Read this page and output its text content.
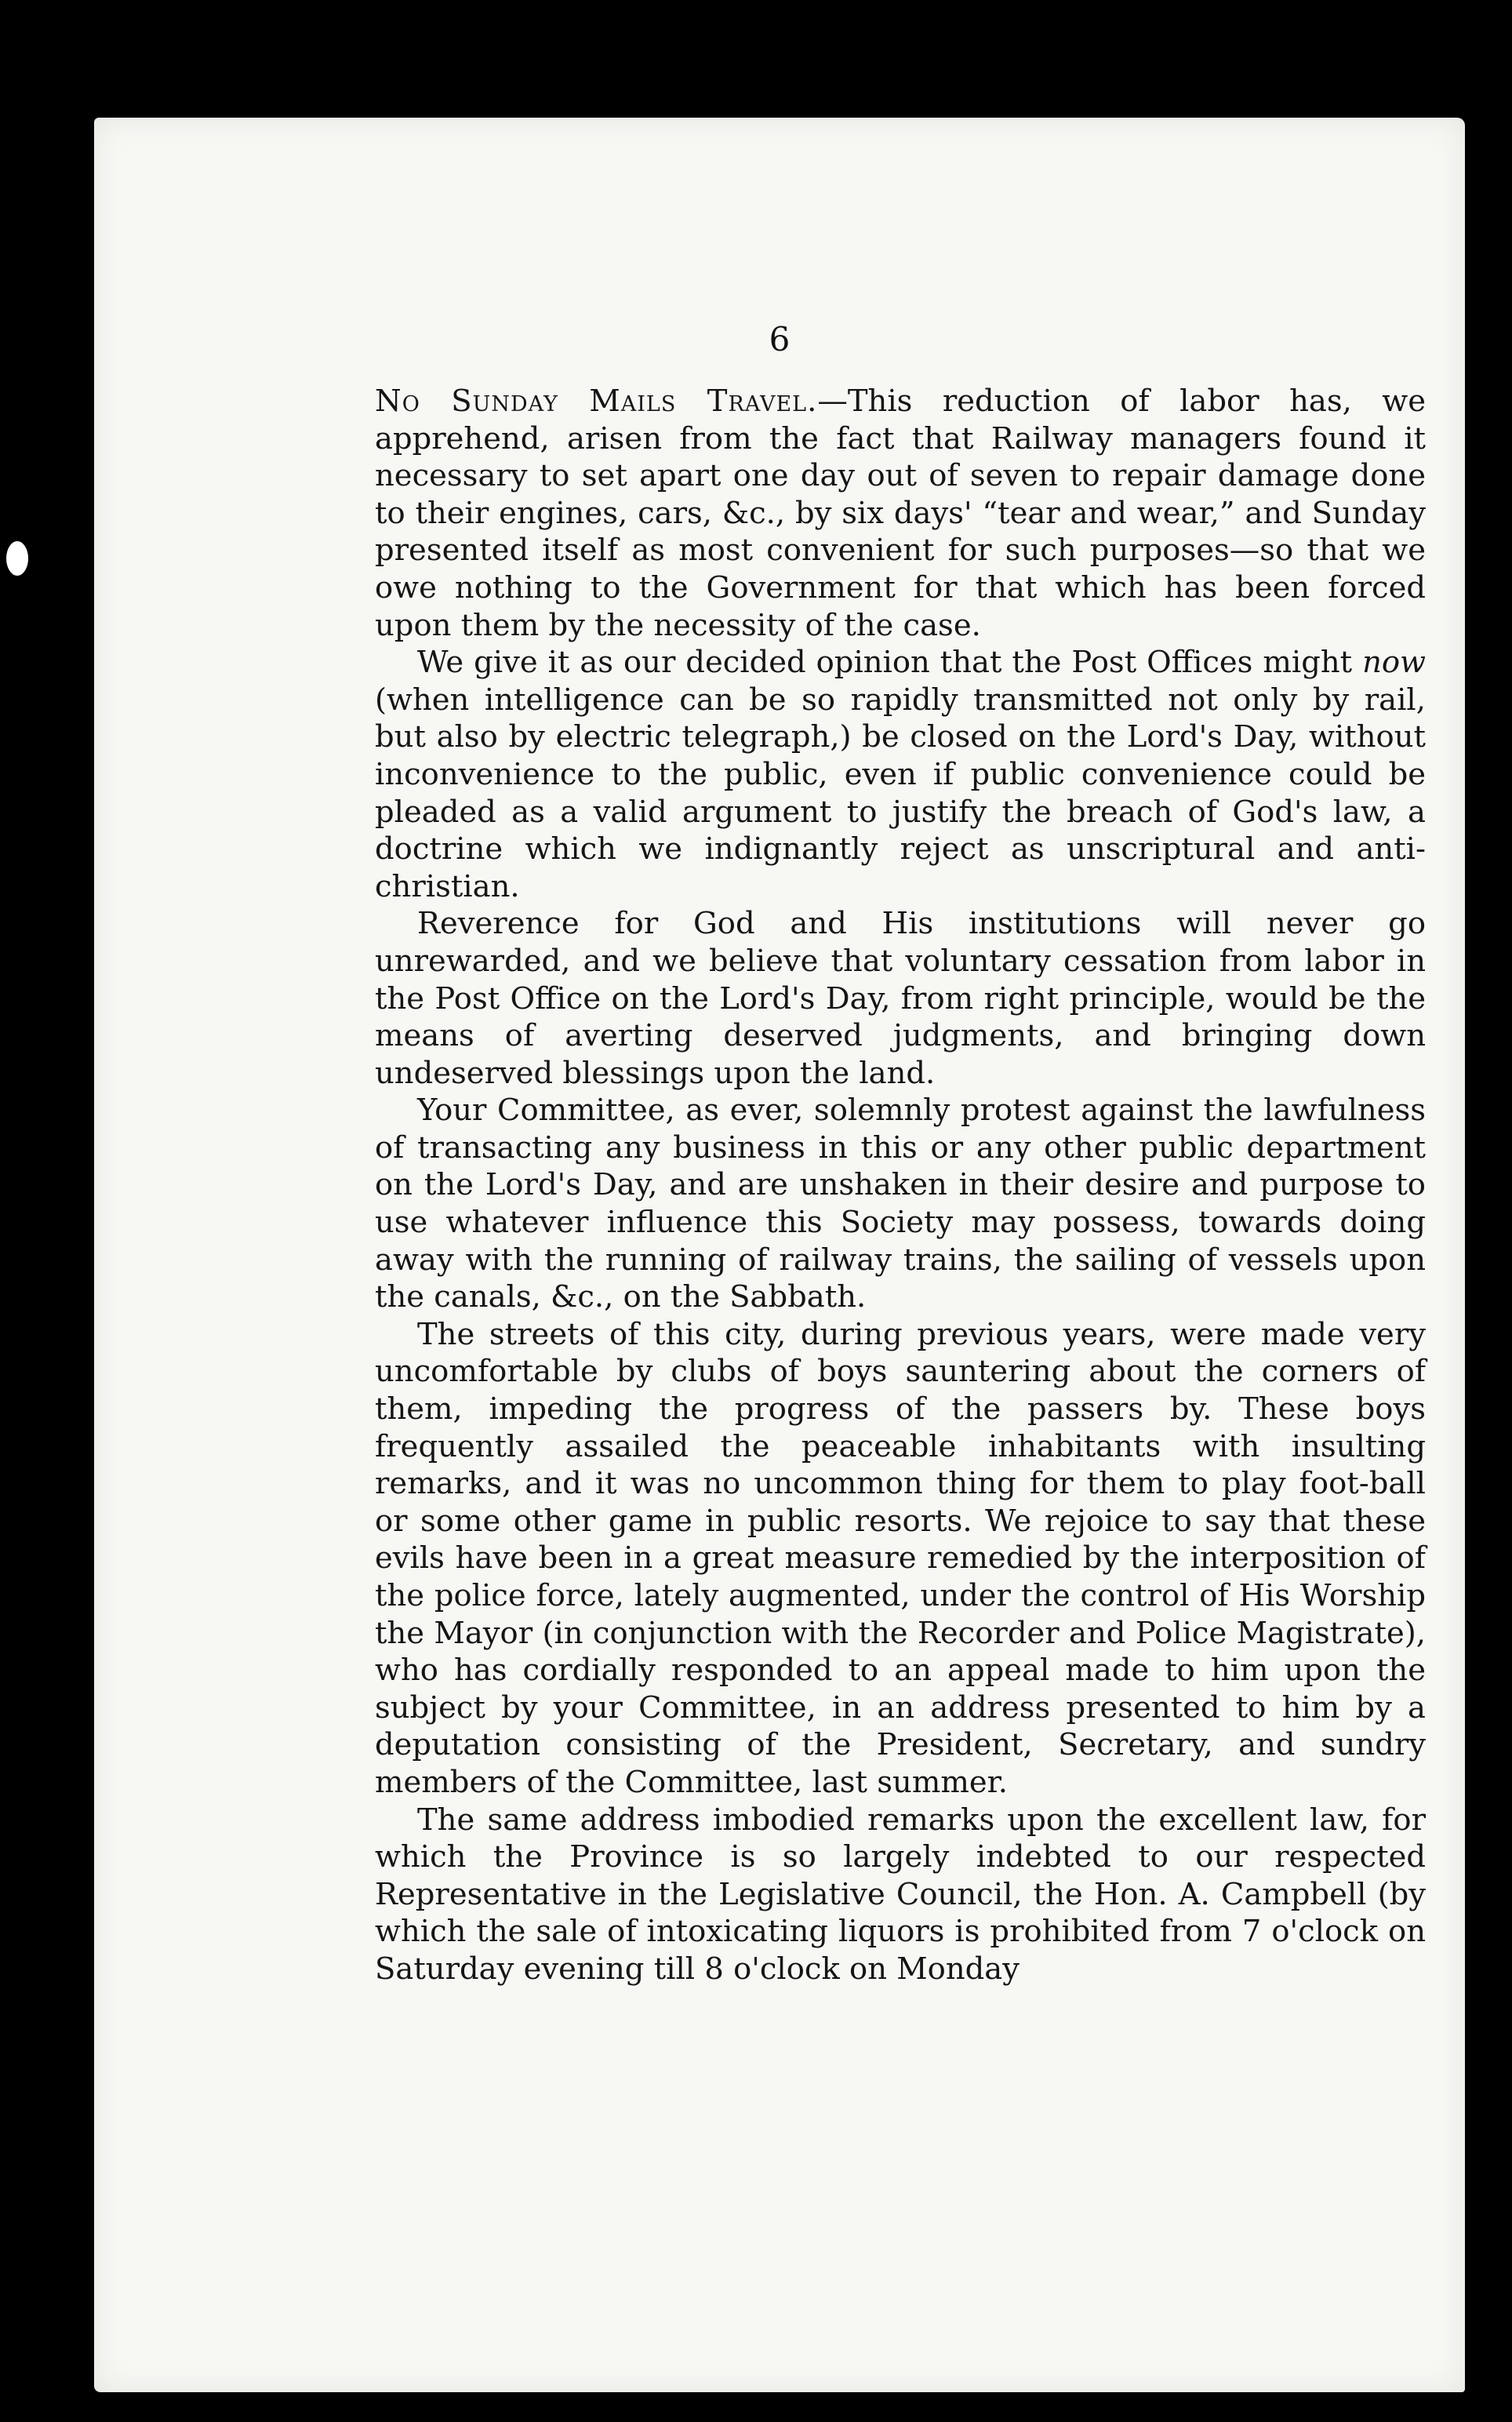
6

No Sunday Mails Travel.—This reduction of labor has, we apprehend, arisen from the fact that Railway managers found it necessary to set apart one day out of seven to repair damage done to their engines, cars, &c., by six days' “tear and wear,” and Sunday presented itself as most convenient for such purposes—so that we owe nothing to the Government for that which has been forced upon them by the necessity of the case.

We give it as our decided opinion that the Post Offices might now (when intelligence can be so rapidly transmitted not only by rail, but also by electric telegraph,) be closed on the Lord's Day, without inconvenience to the public, even if public convenience could be pleaded as a valid argument to justify the breach of God's law, a doctrine which we indignantly reject as unscriptural and anti-christian.

Reverence for God and His institutions will never go unrewarded, and we believe that voluntary cessation from labor in the Post Office on the Lord's Day, from right principle, would be the means of averting deserved judgments, and bringing down undeserved blessings upon the land.

Your Committee, as ever, solemnly protest against the lawfulness of transacting any business in this or any other public department on the Lord's Day, and are unshaken in their desire and purpose to use whatever influence this Society may possess, towards doing away with the running of railway trains, the sailing of vessels upon the canals, &c., on the Sabbath.

The streets of this city, during previous years, were made very uncomfortable by clubs of boys sauntering about the corners of them, impeding the progress of the passers by. These boys frequently assailed the peaceable inhabitants with insulting remarks, and it was no uncommon thing for them to play foot-ball or some other game in public resorts. We rejoice to say that these evils have been in a great measure remedied by the interposition of the police force, lately augmented, under the control of His Worship the Mayor (in conjunction with the Recorder and Police Magistrate), who has cordially responded to an appeal made to him upon the subject by your Committee, in an address presented to him by a deputation consisting of the President, Secretary, and sundry members of the Committee, last summer.

The same address imbodied remarks upon the excellent law, for which the Province is so largely indebted to our respected Representative in the Legislative Council, the Hon. A. Campbell (by which the sale of intoxicating liquors is prohibited from 7 o'clock on Saturday evening till 8 o'clock on Monday
